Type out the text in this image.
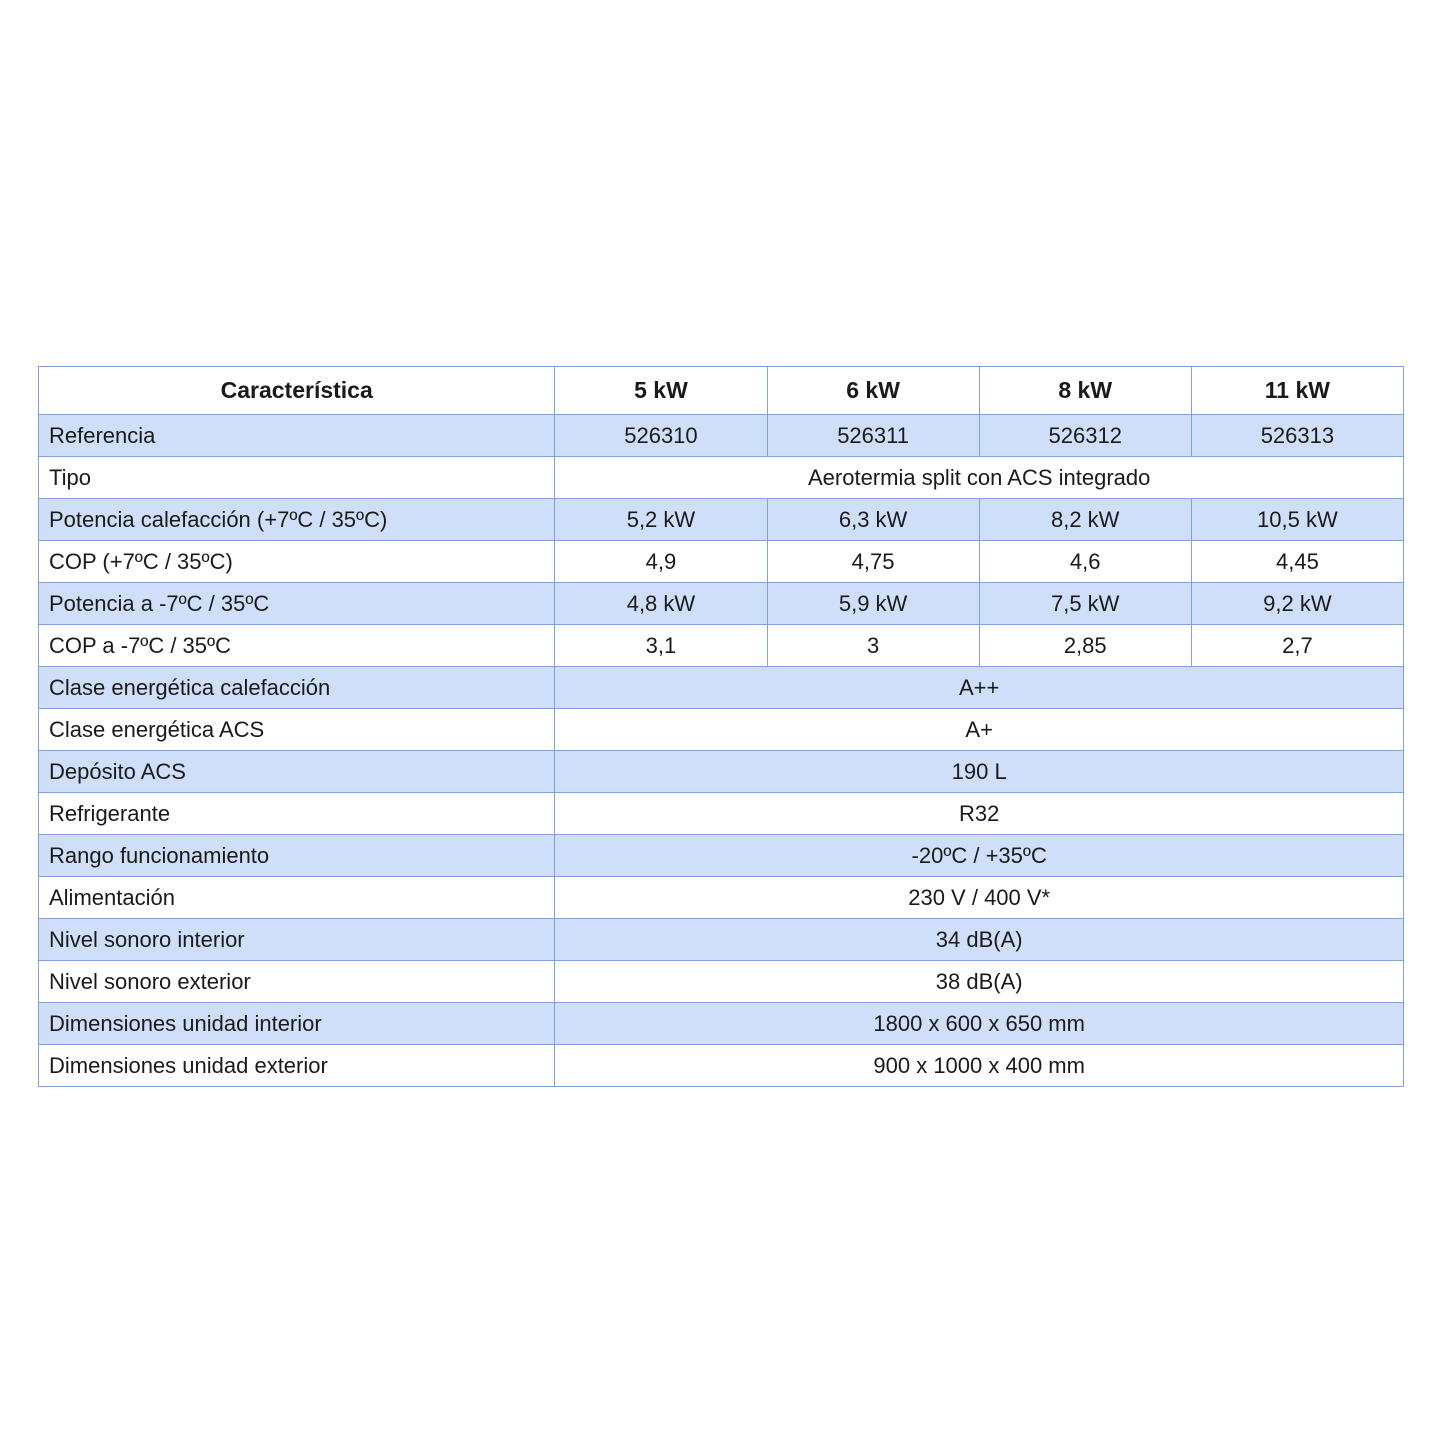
Característica	5 kW	6 kW	8 kW	11 kW
Referencia	526310	526311	526312	526313
Tipo	Aerotermia split con ACS integrado			
Potencia calefacción (+7ºC / 35ºC)	5,2 kW	6,3 kW	8,2 kW	10,5 kW
COP (+7ºC / 35ºC)	4,9	4,75	4,6	4,45
Potencia a -7ºC / 35ºC	4,8 kW	5,9 kW	7,5 kW	9,2 kW
COP a -7ºC / 35ºC	3,1	3	2,85	2,7
Clase energética calefacción	A++			
Clase energética ACS	A+			
Depósito ACS	190 L			
Refrigerante	R32			
Rango funcionamiento	-20ºC / +35ºC			
Alimentación	230 V / 400 V*			
Nivel sonoro interior	34 dB(A)			
Nivel sonoro exterior	38 dB(A)			
Dimensiones unidad interior	1800 x 600 x 650 mm			
Dimensiones unidad exterior	900 x 1000 x 400 mm			
